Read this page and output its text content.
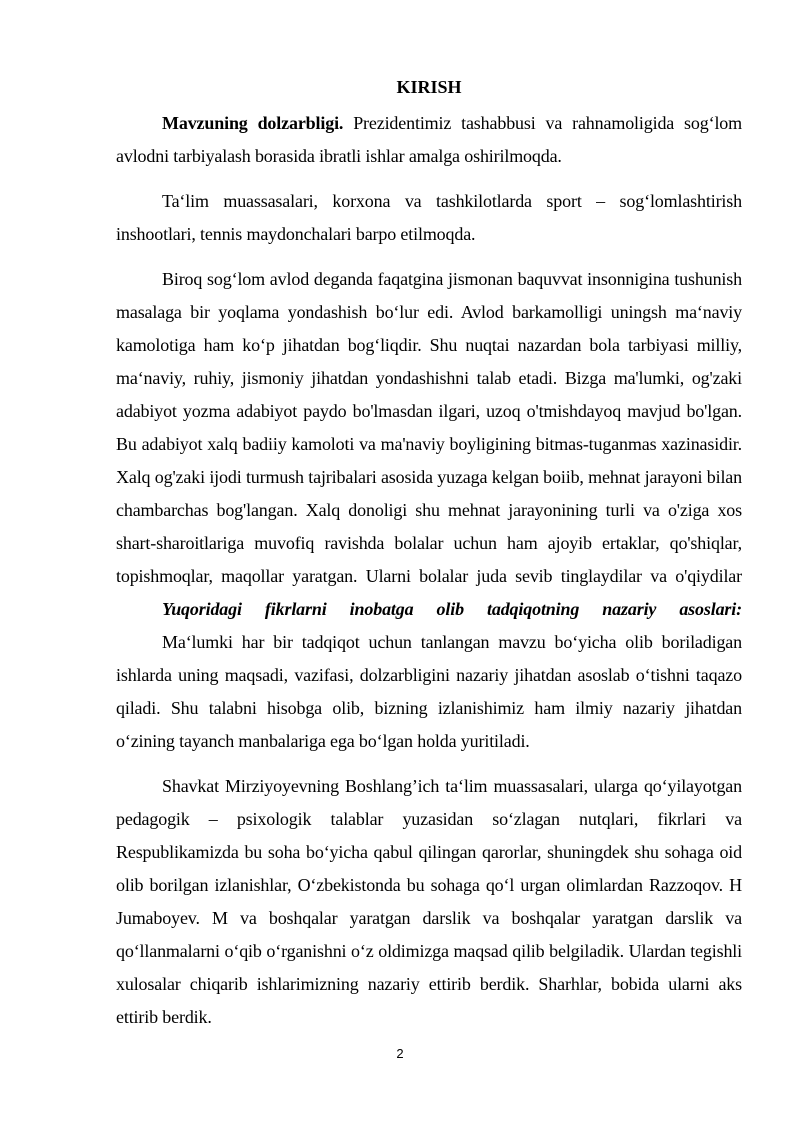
KIRISH

Mavzuning dolzarbligi. Prezidentimiz tashabbusi va rahnamoligida sog‘lom avlodni tarbiyalash borasida ibratli ishlar amalga oshirilmoqda.

Ta‘lim muassasalari, korxona va tashkilotlarda sport – sog‘lomlashtirish inshootlari, tennis maydonchalari barpo etilmoqda.

Biroq sog‘lom avlod deganda faqatgina jismonan baquvvat insonnigina tushunish masalaga bir yoqlama yondashish bo‘lur edi. Avlod barkamolligi uningsh ma‘naviy kamolotiga ham ko‘p jihatdan bog‘liqdir. Shu nuqtai nazardan bola tarbiyasi milliy, ma‘naviy, ruhiy, jismoniy jihatdan yondashishni talab etadi. Bizga ma'lumki, og'zaki adabiyot yozma adabiyot paydo bo'lmasdan ilgari, uzoq o'tmishdayoq mavjud bo'lgan. Bu adabiyot xalq badiiy kamoloti va ma'naviy boyligining bitmas-tuganmas xazinasidir. Xalq og'zaki ijodi turmush tajribalari asosida yuzaga kelgan boiib, mehnat jarayoni bilan chambarchas bog'langan. Xalq donoligi shu mehnat jarayonining turli va o'ziga xos shart-sharoitlariga muvofiq ravishda bolalar uchun ham ajoyib ertaklar, qo'shiqlar, topishmoqlar, maqollar yaratgan. Ularni bolalar juda sevib tinglaydilar va o'qiydilar

Yuqoridagi fikrlarni inobatga olib tadqiqotning nazariy asoslari:

Ma‘lumki har bir tadqiqot uchun tanlangan mavzu bo‘yicha olib boriladigan ishlarda uning maqsadi, vazifasi, dolzarbligini nazariy jihatdan asoslab o‘tishni taqazo qiladi. Shu talabni hisobga olib, bizning izlanishimiz ham ilmiy nazariy jihatdan o‘zining tayanch manbalariga ega bo‘lgan holda yuritiladi.

Shavkat Mirziyoyevning Boshlang’ich ta‘lim muassasalari, ularga qo‘yilayotgan pedagogik – psixologik talablar yuzasidan so‘zlagan nutqlari, fikrlari va Respublikamizda bu soha bo‘yicha qabul qilingan qarorlar, shuningdek shu sohaga oid olib borilgan izlanishlar, O‘zbekistonda bu sohaga qo‘l urgan olimlardan Razzoqov. H Jumaboyev. M va boshqalar yaratgan darslik va boshqalar yaratgan darslik va qo‘llanmalarni o‘qib o‘rganishni o‘z oldimizga maqsad qilib belgiladik. Ulardan tegishli xulosalar chiqarib ishlarimizning nazariy ettirib berdik. Sharhlar, bobida ularni aks ettirib berdik.

2
